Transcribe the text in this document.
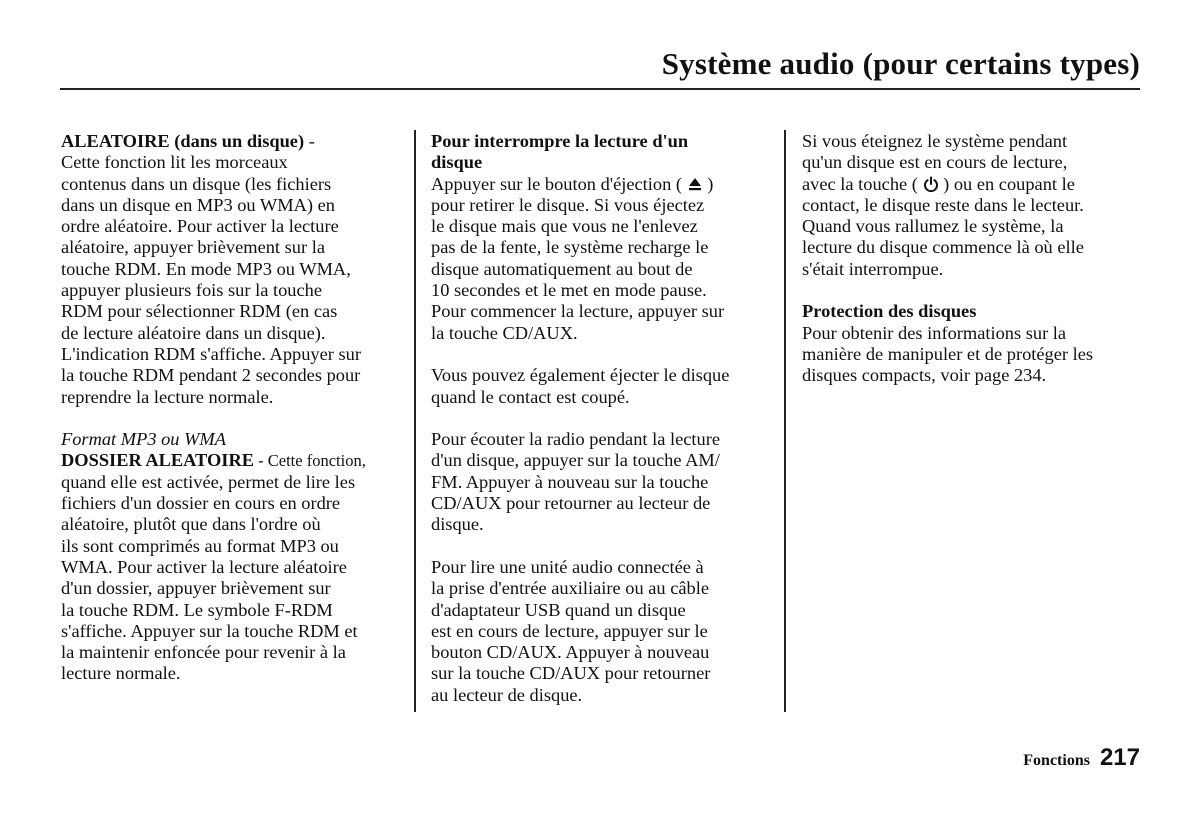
Système audio (pour certains types)
ALEATOIRE (dans un disque) -
Cette fonction lit les morceaux
contenus dans un disque (les fichiers
dans un disque en MP3 ou WMA) en
ordre aléatoire. Pour activer la lecture
aléatoire, appuyer brièvement sur la
touche RDM. En mode MP3 ou WMA,
appuyer plusieurs fois sur la touche
RDM pour sélectionner RDM (en cas
de lecture aléatoire dans un disque).
L'indication RDM s'affiche. Appuyer sur
la touche RDM pendant 2 secondes pour
reprendre la lecture normale.
Format MP3 ou WMA
DOSSIER ALEATOIRE - Cette fonction,
quand elle est activée, permet de lire les
fichiers d'un dossier en cours en ordre
aléatoire, plutôt que dans l'ordre où
ils sont comprimés au format MP3 ou
WMA. Pour activer la lecture aléatoire
d'un dossier, appuyer brièvement sur
la touche RDM. Le symbole F-RDM
s'affiche. Appuyer sur la touche RDM et
la maintenir enfoncée pour revenir à la
lecture normale.
Pour interrompre la lecture d'un
disque
Appuyer sur le bouton d'éjection ( )
pour retirer le disque. Si vous éjectez
le disque mais que vous ne l'enlevez
pas de la fente, le système recharge le
disque automatiquement au bout de
10 secondes et le met en mode pause.
Pour commencer la lecture, appuyer sur
la touche CD/AUX.
Vous pouvez également éjecter le disque
quand le contact est coupé.
Pour écouter la radio pendant la lecture
d'un disque, appuyer sur la touche AM/
FM. Appuyer à nouveau sur la touche
CD/AUX pour retourner au lecteur de
disque.
Pour lire une unité audio connectée à
la prise d'entrée auxiliaire ou au câble
d'adaptateur USB quand un disque
est en cours de lecture, appuyer sur le
bouton CD/AUX. Appuyer à nouveau
sur la touche CD/AUX pour retourner
au lecteur de disque.
Si vous éteignez le système pendant
qu'un disque est en cours de lecture,
avec la touche ( ) ou en coupant le
contact, le disque reste dans le lecteur.
Quand vous rallumez le système, la
lecture du disque commence là où elle
s'était interrompue.
Protection des disques
Pour obtenir des informations sur la
manière de manipuler et de protéger les
disques compacts, voir page 234.
Fonctions 217
